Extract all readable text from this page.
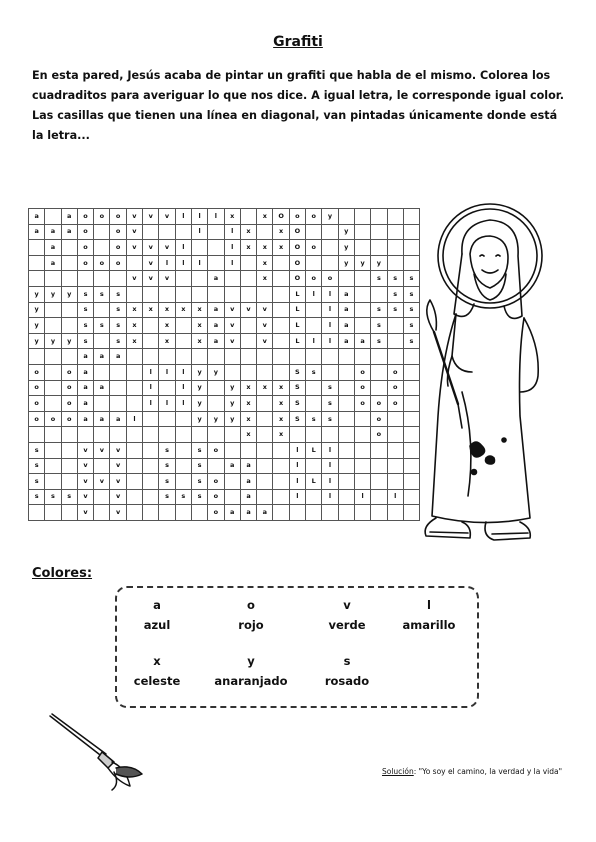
Grafiti

En esta pared, Jesús acaba de pintar un grafiti que habla de el mismo. Colorea los cuadraditos para averiguar lo que nos dice. A igual letra, le corresponde igual color. Las casillas que tienen una línea en diagonal, van pintadas únicamente donde está la letra...

a		a	o	o	o	v	v	v	l	l	l	x		x	O	o	o	y					
a	a	a	o		o	v				l		l	x		x	O			y				
	a		o		o	v	v	v	l			l	x	x	x	O	o		y				
	a		o	o	o		v	l	l	l		l		x		O			y	y	y		
						v	v	v			a			x		O	o	o			s	s	s
y	y	y	s	s	s											L	l	l	a			s	s
y			s		s	x	x	x	x	x	a	v	v	v		L		l	a		s	s	s
y			s	s	s	x		x		x	a	v		v		L		l	a		s		s
y	y	y	s		s	x		x		x	a	v		v		L	l	l	a	a	s		s
			a	a	a																		
o		o	a				l	l	l	y	y					S	s			o		o	
o		o	a	a			l		l	y		y	x	x	x	S		s		o		o	
o		o	a				l	l	l	y		y	x		x	S		s		o	o	o	
o	o	o	a	a	a	l				y	y	y	x		x	S	s	s			o		
													x		x						o		
s			v	v	v			s		s	o					l	L	l					
s			v		v			s		s		a	a			l		l					
s			v	v	v			s		s	o		a			l	L	l					
s	s	s	v		v			s	s	s	o		a			l		l		l		l	
			v		v						o	a	a	a									
Colores:
a
azul
o
rojo
v
verde
l
amarillo
x
celeste
y
anaranjado
s
rosado
Solución: "Yo soy el camino, la verdad y la vida"
